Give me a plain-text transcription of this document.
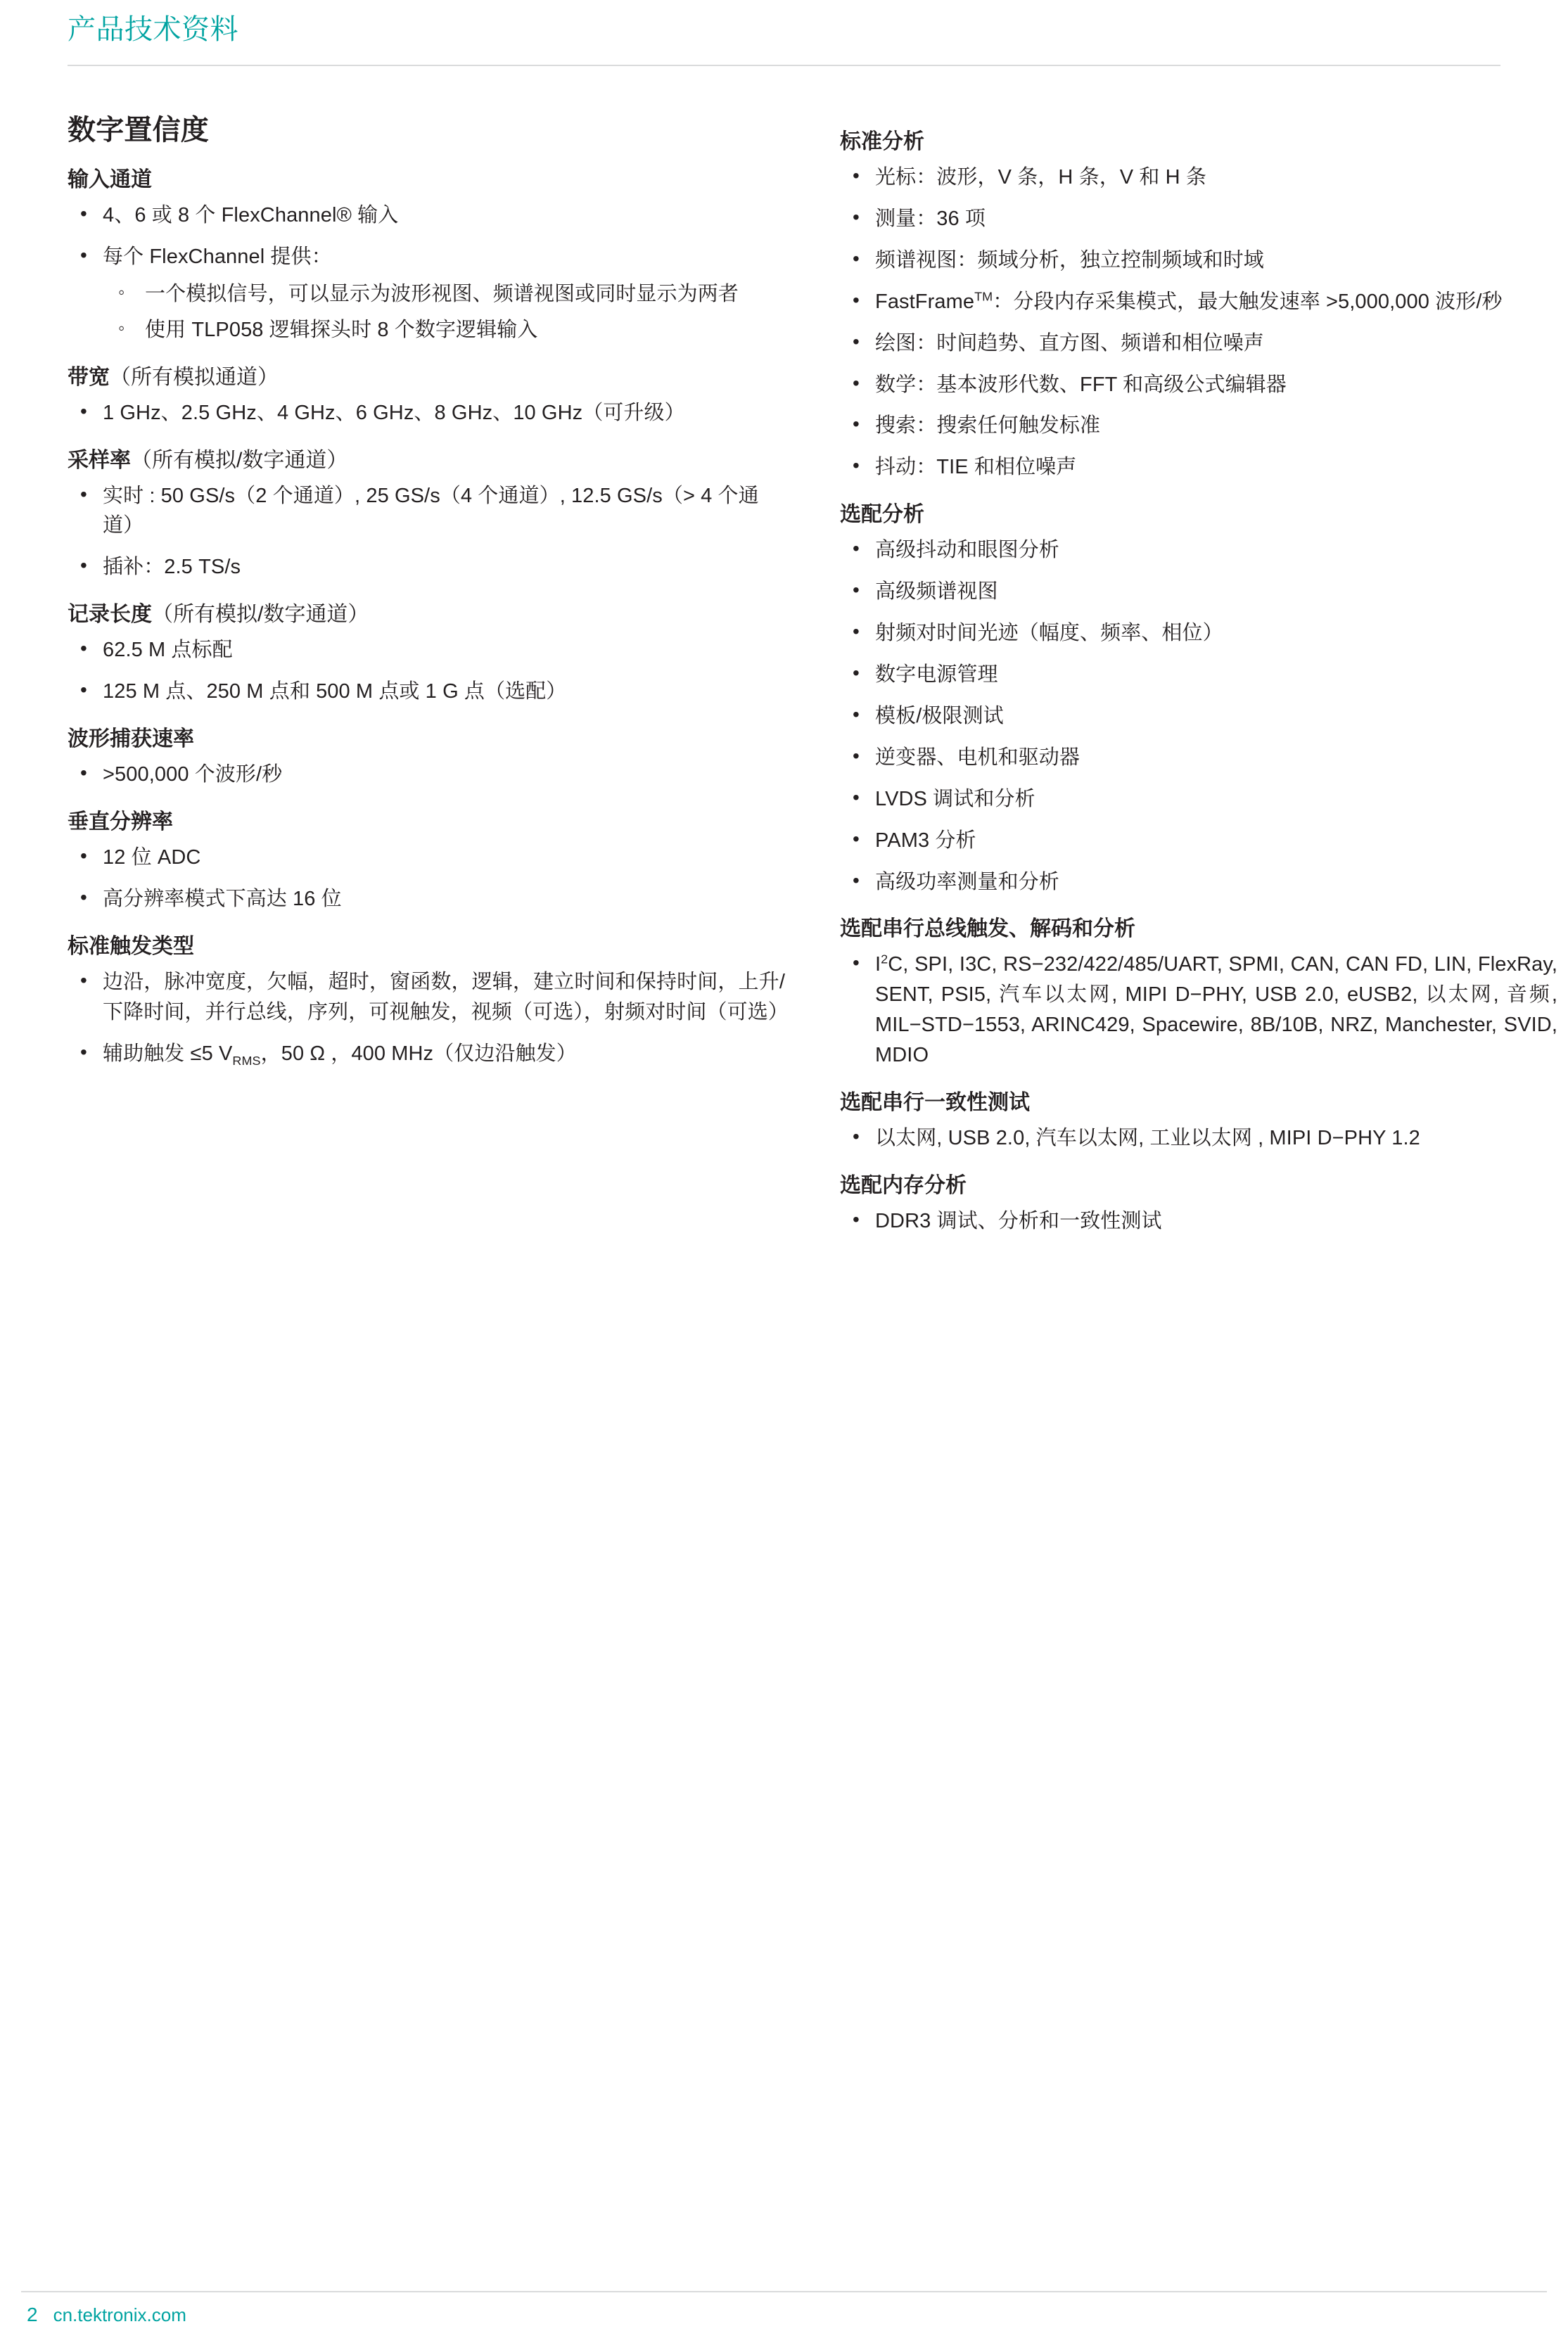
产品技术资料
数字置信度
输入通道
• 4、6 或 8 个 FlexChannel® 输入
• 每个 FlexChannel 提供：
◦ 一个模拟信号，可以显示为波形视图、频谱视图或同时显示为两者
◦ 使用 TLP058 逻辑探头时 8 个数字逻辑输入
带宽（所有模拟通道）
• 1 GHz、2.5 GHz、4 GHz、6 GHz、8 GHz、10 GHz（可升级）
采样率（所有模拟/数字通道）
• 实时 : 50 GS/s（2 个通道）, 25 GS/s（4 个通道）, 12.5 GS/s（> 4 个通道）
• 插补：2.5 TS/s
记录长度（所有模拟/数字通道）
• 62.5 M 点标配
• 125 M 点、250 M 点和 500 M 点或 1 G 点（选配）
波形捕获速率
• >500,000 个波形/秒
垂直分辨率
• 12 位 ADC
• 高分辨率模式下高达 16 位
标准触发类型
• 边沿，脉冲宽度，欠幅，超时，窗函数，逻辑，建立时间和保持时间，上升/下降时间，并行总线，序列，可视触发，视频（可选），射频对时间（可选）
• 辅助触发 ≤5 $V_{RMS}$，50 Ω ，400 MHz（仅边沿触发）
标准分析
• 光标：波形，V 条，H 条，V 和 H 条
• 测量：36 项
• 频谱视图：频域分析，独立控制频域和时域
• FastFrame™：分段内存采集模式，最大触发速率 >5,000,000 波形/秒
• 绘图：时间趋势、直方图、频谱和相位噪声
• 数学：基本波形代数、FFT 和高级公式编辑器
• 搜索：搜索任何触发标准
• 抖动：TIE 和相位噪声
选配分析
• 高级抖动和眼图分析
• 高级频谱视图
• 射频对时间光迹（幅度、频率、相位）
• 数字电源管理
• 模板/极限测试
• 逆变器、电机和驱动器
• LVDS 调试和分析
• PAM3 分析
• 高级功率测量和分析
选配串行总线触发、解码和分析
• $I^2C$, SPI, I3C, RS−232/422/485/UART, SPMI, CAN, CAN FD, LIN, FlexRay, SENT, PSI5, 汽车以太网, MIPI D−PHY, USB 2.0, eUSB2, 以太网, 音频, MIL−STD−1553, ARINC429, Spacewire, 8B/10B, NRZ, Manchester, SVID, MDIO
选配串行一致性测试
• 以太网, USB 2.0, 汽车以太网, 工业以太网 , MIPI D−PHY 1.2
选配内存分析
• DDR3 调试、分析和一致性测试
2 cn.tektronix.com
